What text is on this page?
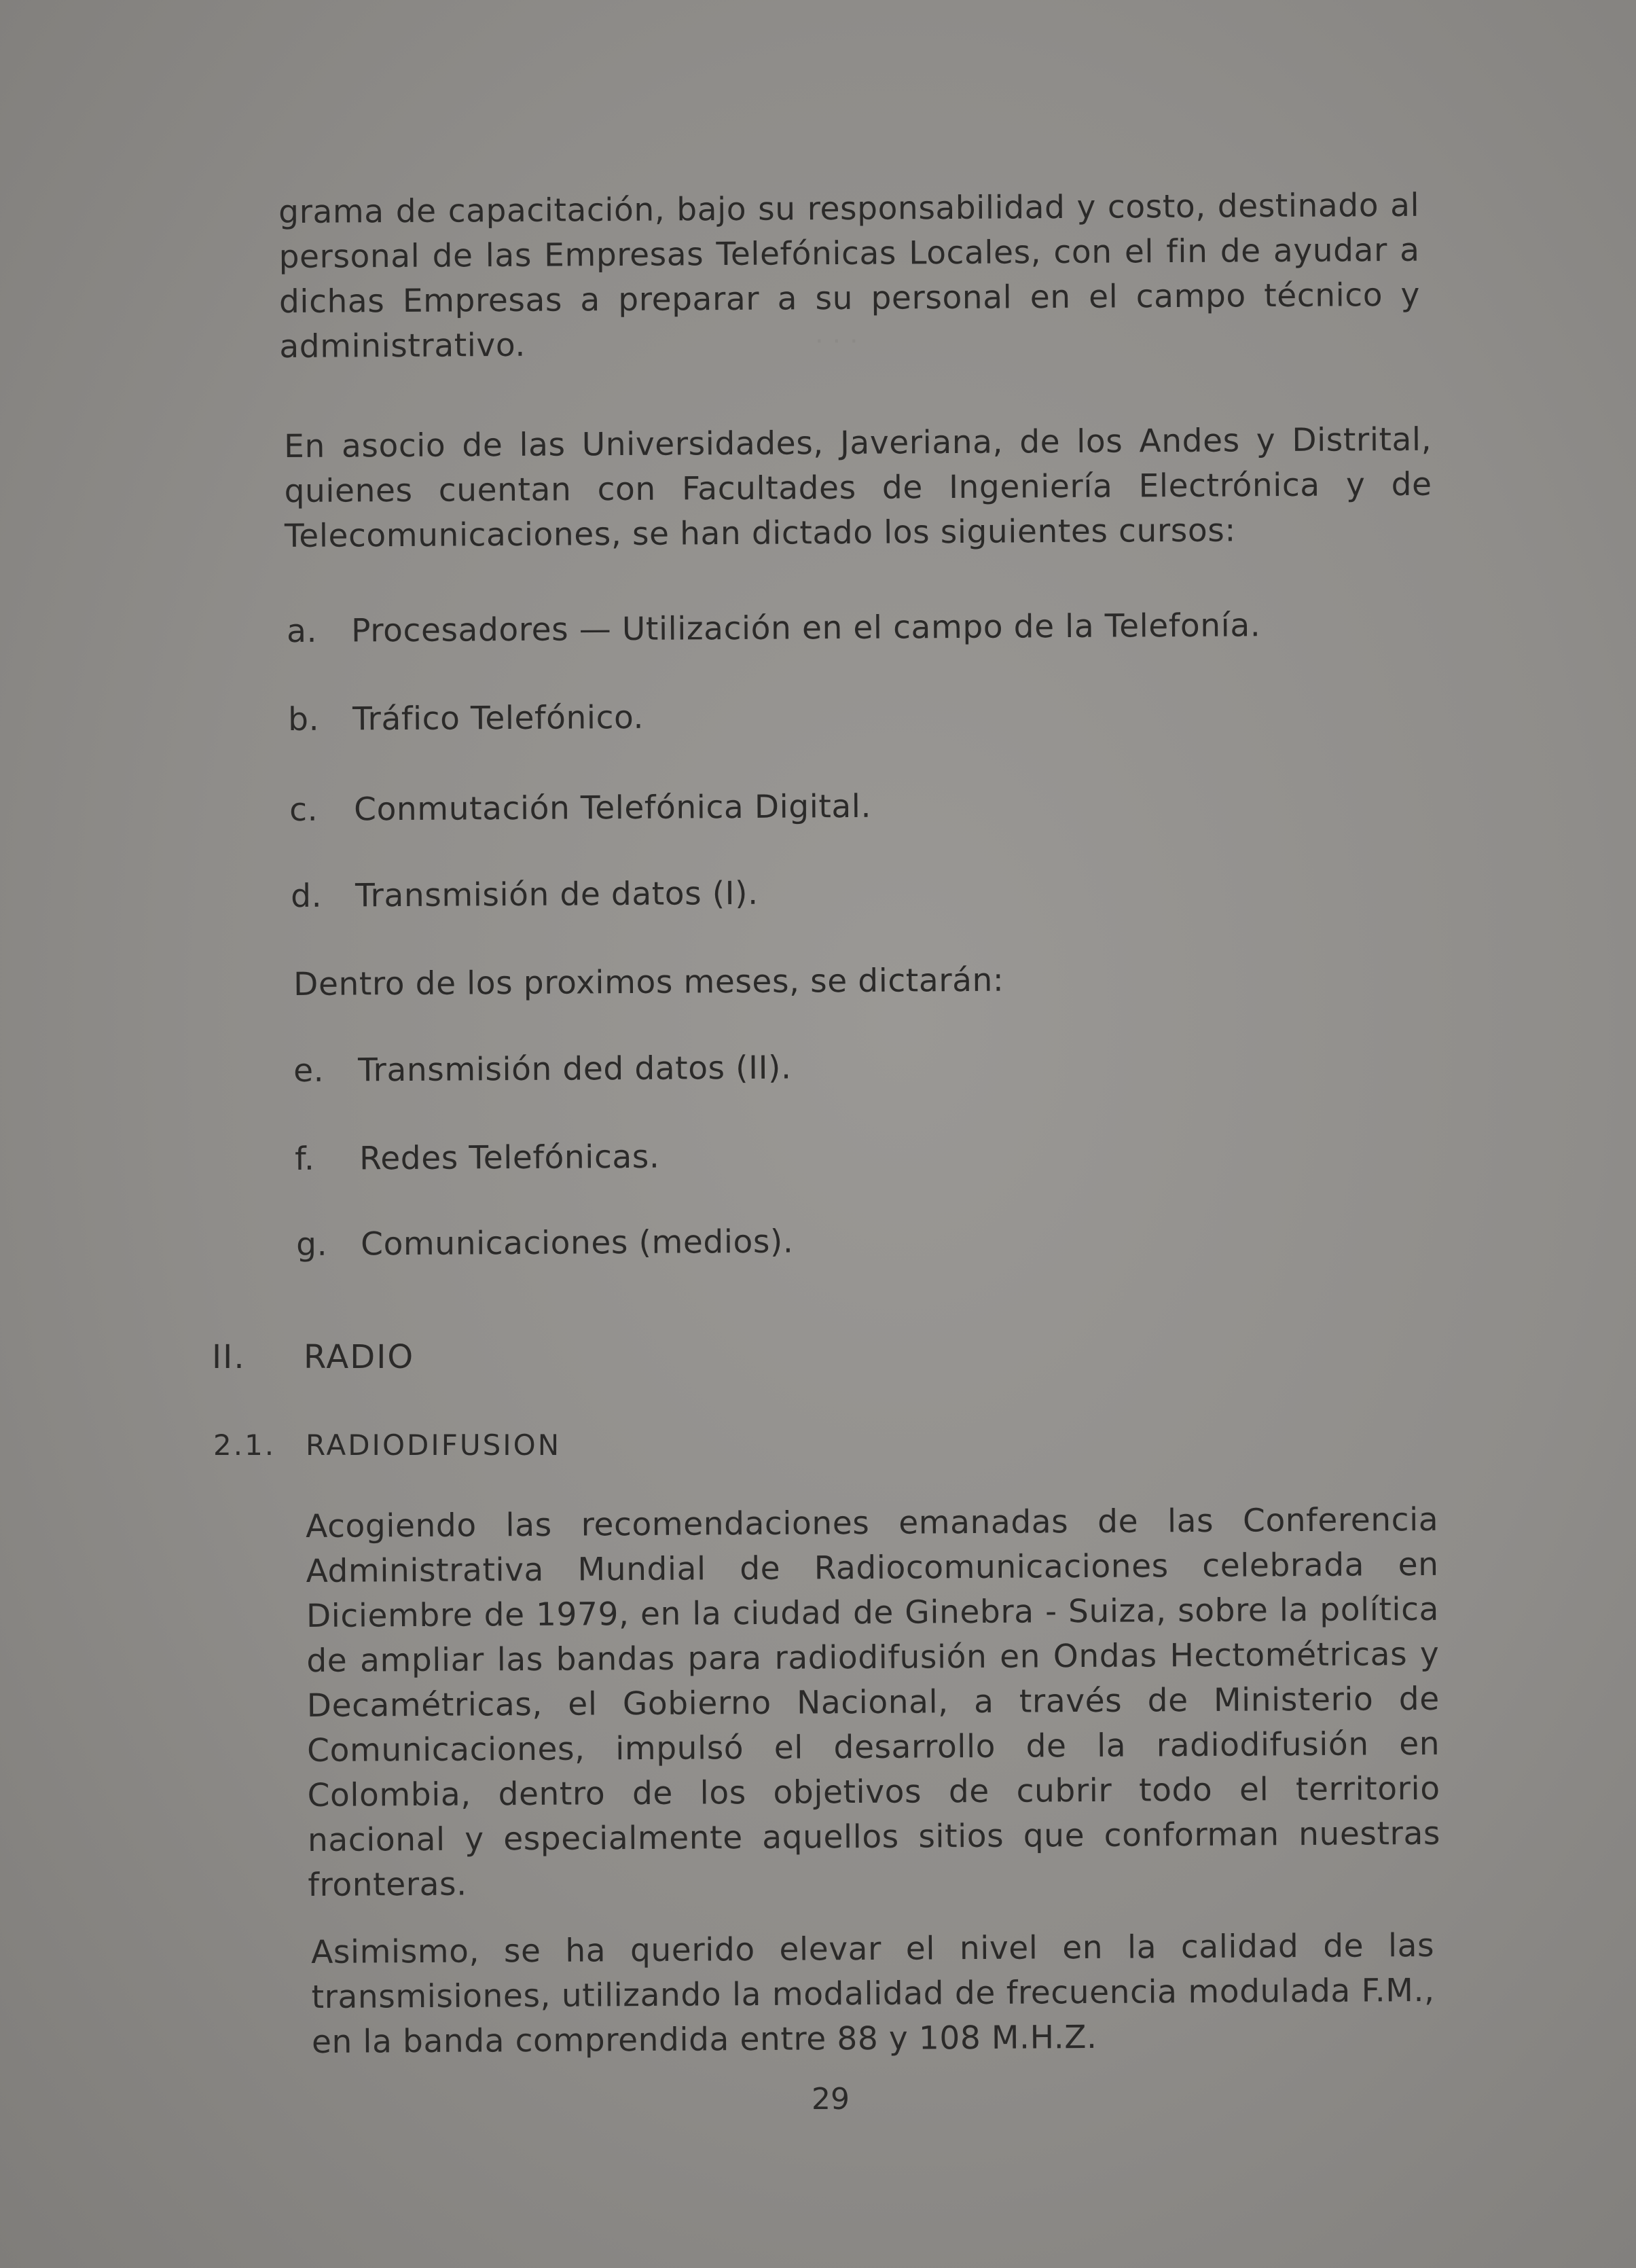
· · ·
grama de capacitación, bajo su responsabilidad y costo, destinado al personal de las Empresas Telefónicas Locales, con el fin de ayudar a dichas Empresas a preparar a su personal en el campo técnico y administrativo.
En asocio de las Universidades, Javeriana, de los Andes y Distrital, quienes cuentan con Facultades de Ingeniería Electrónica y de Telecomunicaciones, se han dictado los siguientes cursos:
a. Procesadores — Utilización en el campo de la Telefonía.
b. Tráfico Telefónico.
c. Conmutación Telefónica Digital.
d. Transmisión de datos (I).
Dentro de los proximos meses, se dictarán:
e. Transmisión ded datos (II).
f. Redes Telefónicas.
g. Comunicaciones (medios).
II. RADIO
2.1. RADIODIFUSION
Acogiendo las recomendaciones emanadas de las Conferencia Administrativa Mundial de Radiocomunicaciones celebrada en Diciembre de 1979, en la ciudad de Ginebra - Suiza, sobre la política de ampliar las bandas para radiodifusión en Ondas Hectométricas y Decamétricas, el Gobierno Nacional, a través de Ministerio de Comunicaciones, impulsó el desarrollo de la radiodifusión en Colombia, dentro de los objetivos de cubrir todo el territorio nacional y especialmente aquellos sitios que conforman nuestras fronteras.
Asimismo, se ha querido elevar el nivel en la calidad de las transmisiones, utilizando la modalidad de frecuencia modulada F.M., en la banda comprendida entre 88 y 108 M.H.Z.
29
